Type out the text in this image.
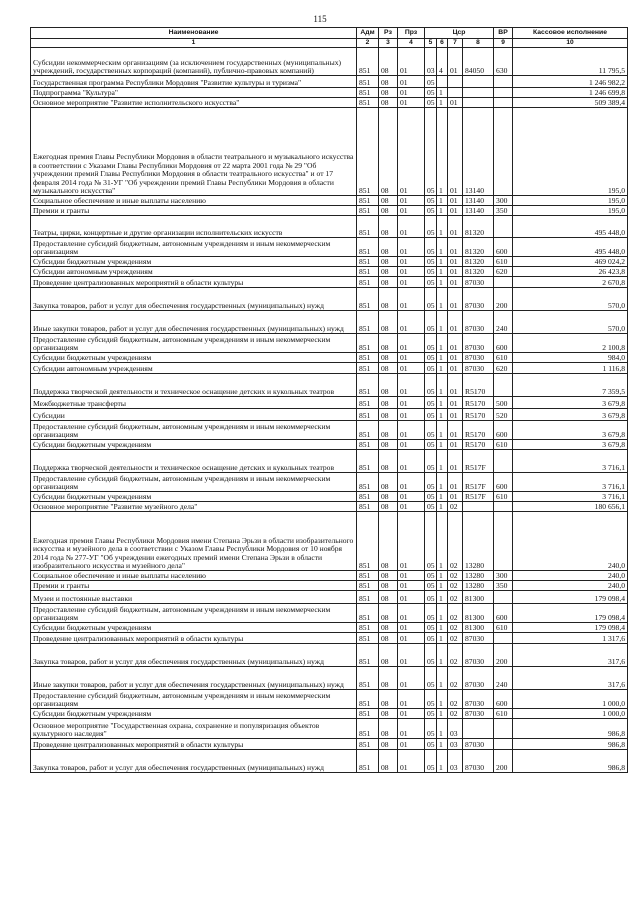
115
Наименование	Адм	Рз	Прз	Цср				ВР	Кассовое исполнение
1	2	3	4	5	6	7	8	9	10
Субсидии некоммерческим организациям (за исключением государственных (муниципальных) учреждений, государственных корпораций (компаний), публично-правовых компаний)	851	08	01	03	4	01	84050	630	11 795,5
Государственная программа Республики Мордовия "Развитие культуры и туризма"	851	08	01	05					1 246 982,2
Подпрограмма "Культура"	851	08	01	05	1				1 246 699,8
Основное мероприятие "Развитие исполнительского искусства"	851	08	01	05	1	01			509 389,4
Ежегодная премия Главы Республики Мордовия в области театрального и музыкального искусства в соответствии с Указами Главы Республики Мордовия от 22 марта 2001 года № 29 "Об учреждении премий Главы Республики Мордовия в области театрального искусства" и от 17 февраля 2014 года № 31-УГ "Об учреждении премий Главы Республики Мордовия в области музыкального искусства"	851	08	01	05	1	01	13140		195,0
Социальное обеспечение и иные выплаты населению	851	08	01	05	1	01	13140	300	195,0
Премии и гранты	851	08	01	05	1	01	13140	350	195,0
Театры, цирки, концертные и другие организации исполнительских искусств	851	08	01	05	1	01	81320		495 448,0
Предоставление субсидий бюджетным, автономным учреждениям и иным некоммерческим организациям	851	08	01	05	1	01	81320	600	495 448,0
Субсидии бюджетным учреждениям	851	08	01	05	1	01	81320	610	469 024,2
Субсидии автономным учреждениям	851	08	01	05	1	01	81320	620	26 423,8
Проведение централизованных мероприятий в области культуры	851	08	01	05	1	01	87030		2 670,8
Закупка товаров, работ и услуг для обеспечения государственных (муниципальных) нужд	851	08	01	05	1	01	87030	200	570,0
Иные закупки товаров, работ и услуг для обеспечения государственных (муниципальных) нужд	851	08	01	05	1	01	87030	240	570,0
Предоставление субсидий бюджетным, автономным учреждениям и иным некоммерческим организациям	851	08	01	05	1	01	87030	600	2 100,8
Субсидии бюджетным учреждениям	851	08	01	05	1	01	87030	610	984,0
Субсидии автономным учреждениям	851	08	01	05	1	01	87030	620	1 116,8
Поддержка творческой деятельности и техническое оснащение детских и кукольных театров	851	08	01	05	1	01	R5170		7 359,5
Межбюджетные трансферты	851	08	01	05	1	01	R5170	500	3 679,8
Субсидии	851	08	01	05	1	01	R5170	520	3 679,8
Предоставление субсидий бюджетным, автономным учреждениям и иным некоммерческим организациям	851	08	01	05	1	01	R5170	600	3 679,8
Субсидии бюджетным учреждениям	851	08	01	05	1	01	R5170	610	3 679,8
Поддержка творческой деятельности и техническое оснащение детских и кукольных театров	851	08	01	05	1	01	R517F		3 716,1
Предоставление субсидий бюджетным, автономным учреждениям и иным некоммерческим организациям	851	08	01	05	1	01	R517F	600	3 716,1
Субсидии бюджетным учреждениям	851	08	01	05	1	01	R517F	610	3 716,1
Основное мероприятие "Развитие музейного дела"	851	08	01	05	1	02			180 656,1
Ежегодная премия Главы Республики Мордовия имени Степана Эрьзи в области изобразительного искусства и музейного дела в соответствии с Указом Главы Республики Мордовия от 10 ноября 2014 года № 277-УГ "Об учреждении ежегодных премий имени Степана Эрьзи в области изобразительного искусства и музейного дела"	851	08	01	05	1	02	13280		240,0
Социальное обеспечение и иные выплаты населению	851	08	01	05	1	02	13280	300	240,0
Премии и гранты	851	08	01	05	1	02	13280	350	240,0
Музеи и постоянные выставки	851	08	01	05	1	02	81300		179 098,4
Предоставление субсидий бюджетным, автономным учреждениям и иным некоммерческим организациям	851	08	01	05	1	02	81300	600	179 098,4
Субсидии бюджетным учреждениям	851	08	01	05	1	02	81300	610	179 098,4
Проведение централизованных мероприятий в области культуры	851	08	01	05	1	02	87030		1 317,6
Закупка товаров, работ и услуг для обеспечения государственных (муниципальных) нужд	851	08	01	05	1	02	87030	200	317,6
Иные закупки товаров, работ и услуг для обеспечения государственных (муниципальных) нужд	851	08	01	05	1	02	87030	240	317,6
Предоставление субсидий бюджетным, автономным учреждениям и иным некоммерческим организациям	851	08	01	05	1	02	87030	600	1 000,0
Субсидии бюджетным учреждениям	851	08	01	05	1	02	87030	610	1 000,0
Основное мероприятие "Государственная охрана, сохранение и популяризация объектов культурного наследия"	851	08	01	05	1	03			986,8
Проведение централизованных мероприятий в области культуры	851	08	01	05	1	03	87030		986,8
Закупка товаров, работ и услуг для обеспечения государственных (муниципальных) нужд	851	08	01	05	1	03	87030	200	986,8
